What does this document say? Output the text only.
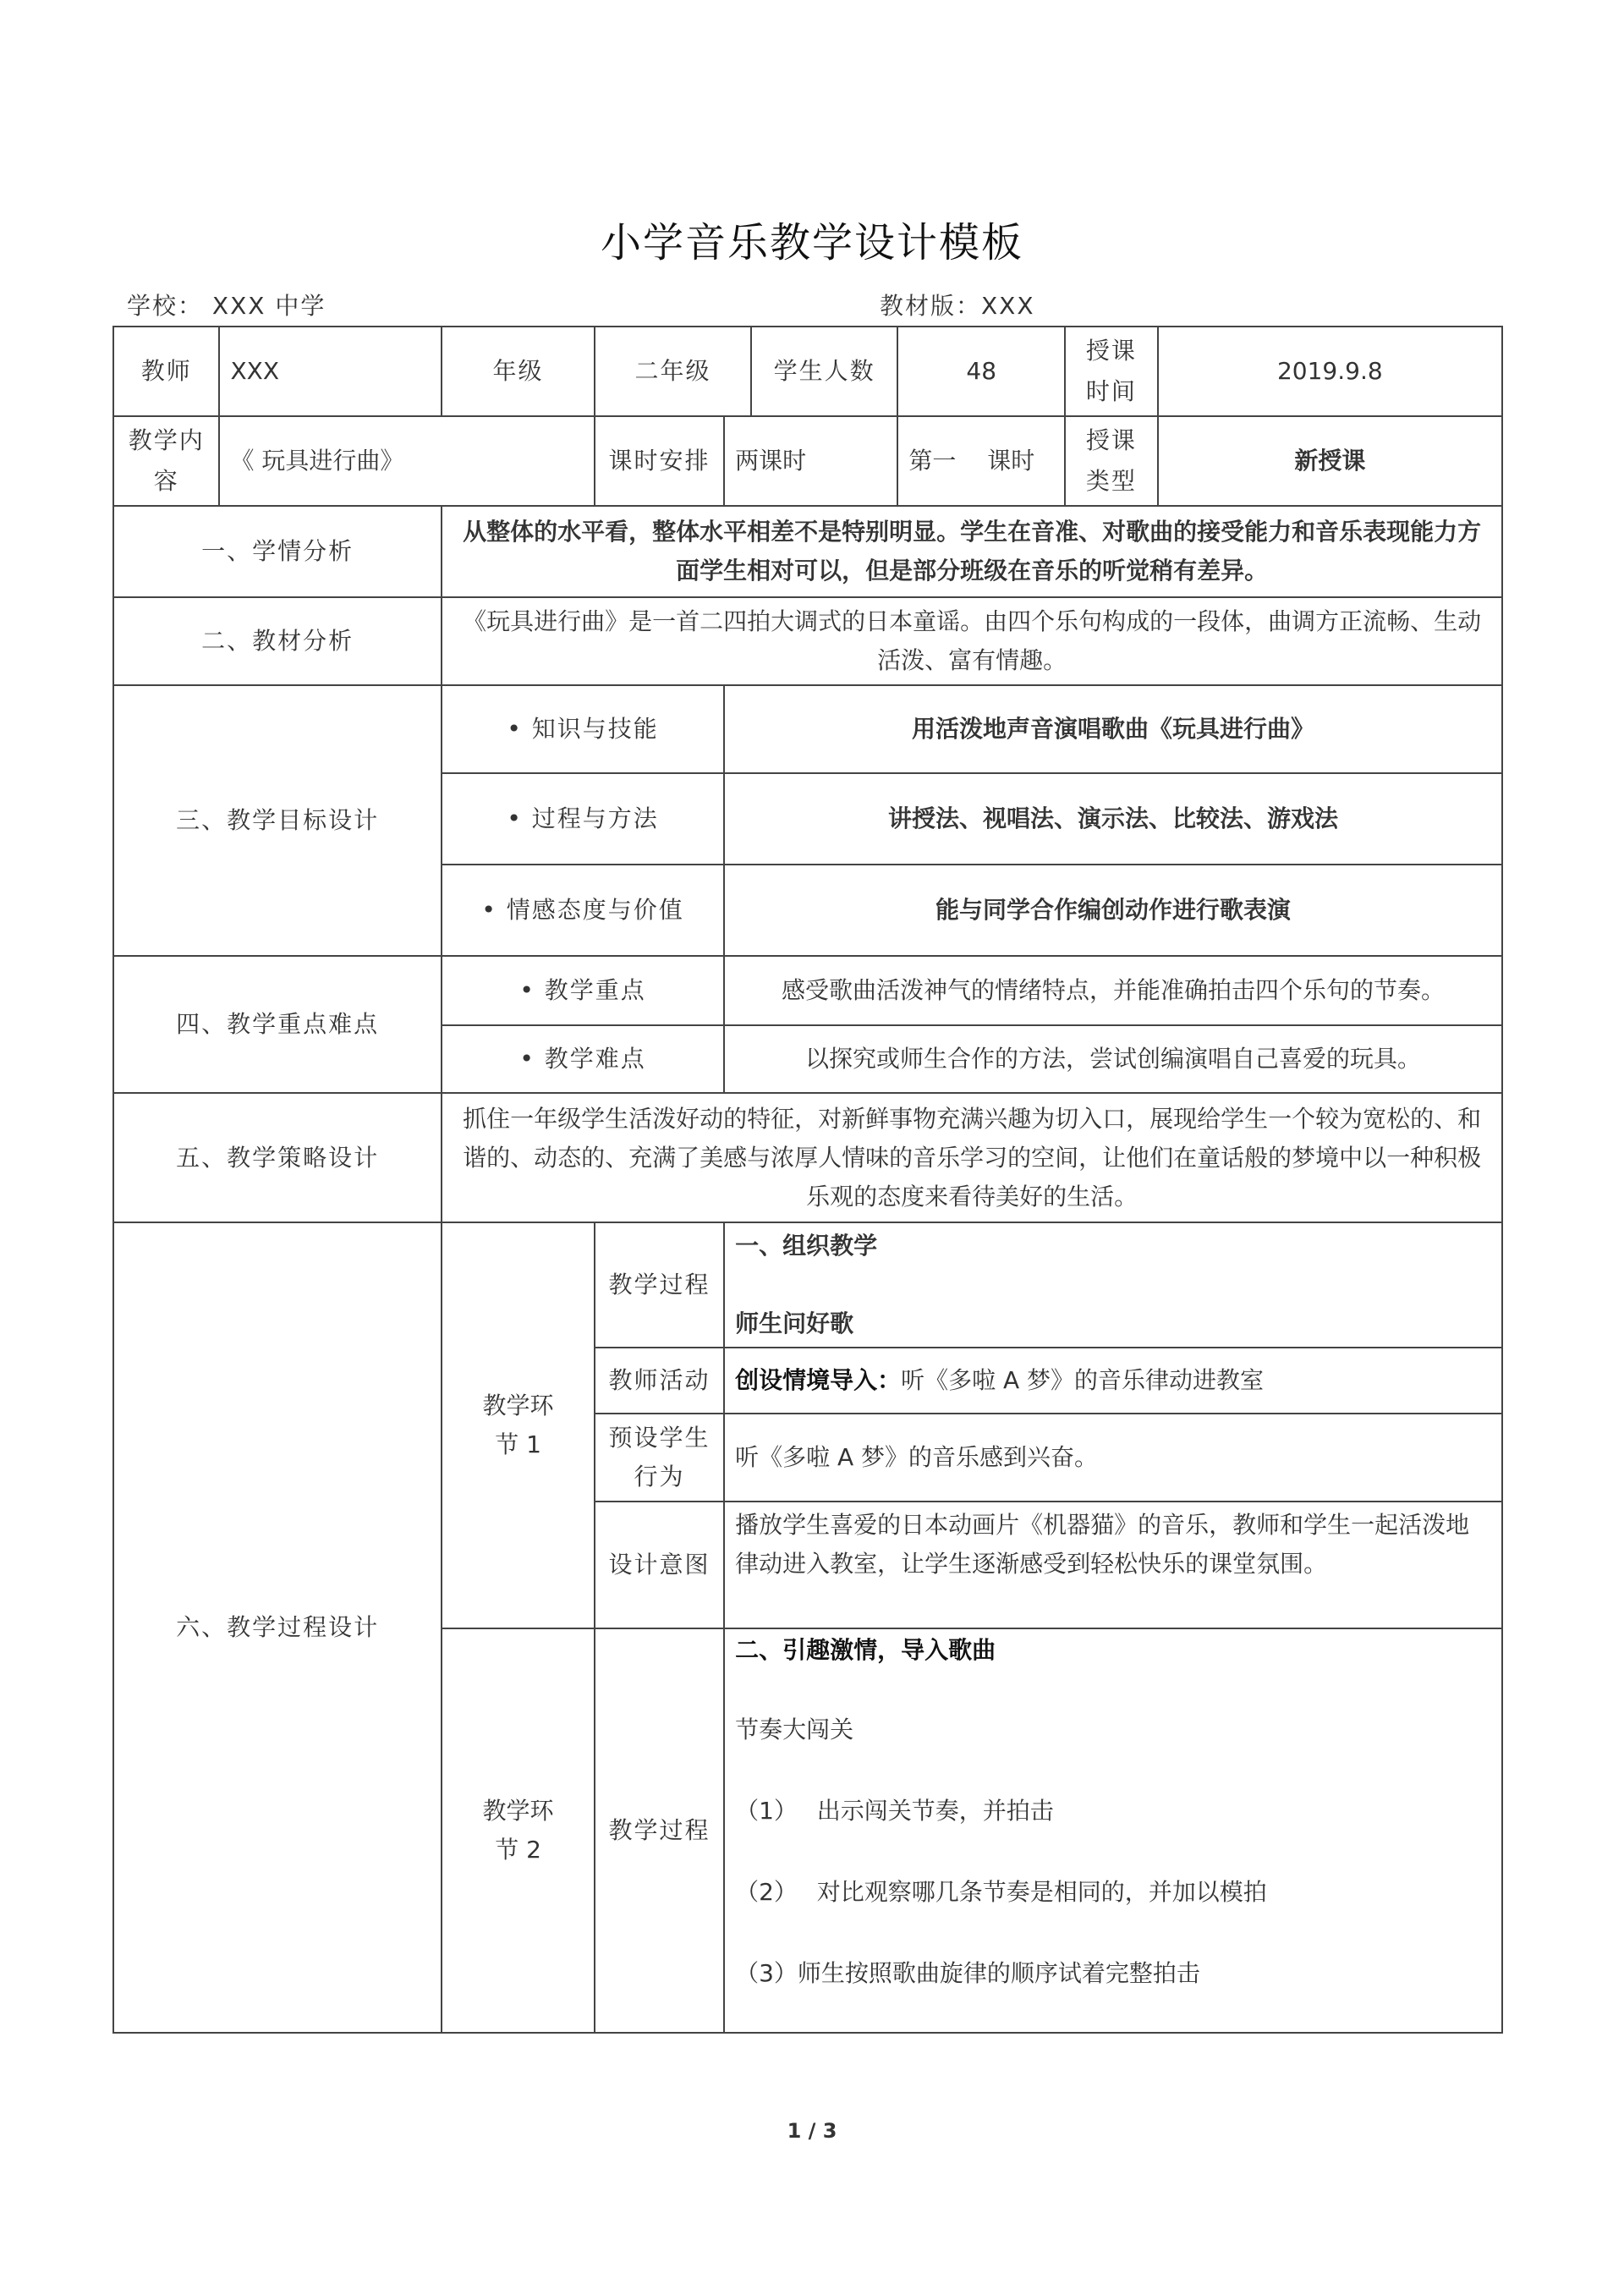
小学音乐教学设计模板
学校： XXX 中学	教材版：XXX
教师	XXX	年级	二年级		学生人数	48	授课时间	2019.9.8
教学内容	《 玩具进行曲》		课时安排	两课时		第一　 课时	授课类型	新授课
一、学情分析		从整体的水平看，整体水平相差不是特别明显。学生在音准、对歌曲的接受能力和音乐表现能力方面学生相对可以，但是部分班级在音乐的听觉稍有差异。						
二、教材分析		《玩具进行曲》是一首二四拍大调式的日本童谣。由四个乐句构成的一段体，曲调方正流畅、生动活泼、富有情趣。						
三、教学目标设计		• 知识与技能		用活泼地声音演唱歌曲《玩具进行曲》				
		• 过程与方法		讲授法、视唱法、演示法、比较法、游戏法				
		• 情感态度与价值		能与同学合作编创动作进行歌表演				
四、教学重点难点		• 教学重点		感受歌曲活泼神气的情绪特点，并能准确拍击四个乐句的节奏。				
		• 教学难点		以探究或师生合作的方法，尝试创编演唱自己喜爱的玩具。				
五、教学策略设计		抓住一年级学生活泼好动的特征，对新鲜事物充满兴趣为切入口，展现给学生一个较为宽松的、和谐的、动态的、充满了美感与浓厚人情味的音乐学习的空间，让他们在童话般的梦境中以一种积极乐观的态度来看待美好的生活。						
六、教学过程设计		教学环节 1	教学过程	一、组织教学
师生问好歌				

			教师活动	创设情境导入：听《多啦 A 梦》的音乐律动进教室				
			预设学生行为	听《多啦 A 梦》的音乐感到兴奋。				
			设计意图	播放学生喜爱的日本动画片《机器猫》的音乐，教师和学生一起活泼地律动进入教室，让学生逐渐感受到轻松快乐的课堂氛围。				
		教学环节 2	教学过程	二、引趣激情，导入歌曲
节奏大闯关
（1）　 出示闯关节奏，并拍击
（2）　 对比观察哪几条节奏是相同的，并加以模拍
（3）师生按照歌曲旋律的顺序试着完整拍击				
1 / 3
